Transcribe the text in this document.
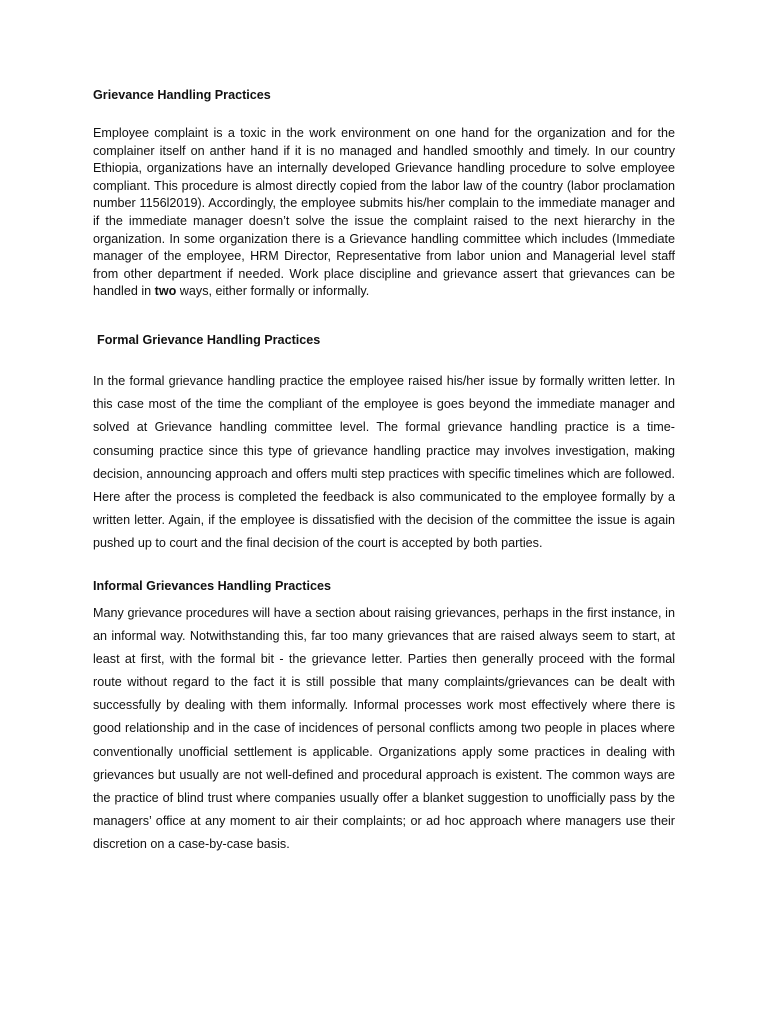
Grievance Handling Practices

Employee complaint is a toxic in the work environment on one hand for the organization and for the complainer itself on anther hand if it is no managed and handled smoothly and timely. In our country Ethiopia, organizations have an internally developed Grievance handling procedure to solve employee compliant. This procedure is almost directly copied from the labor law of the country (labor proclamation number 1156l2019). Accordingly, the employee submits his/her complain to the immediate manager and if the immediate manager doesn’t solve the issue the complaint raised to the next hierarchy in the organization. In some organization there is a Grievance handling committee which includes (Immediate manager of the employee, HRM Director, Representative from labor union and Managerial level staff from other department if needed. Work place discipline and grievance assert that grievances can be handled in two ways, either formally or informally.

Formal Grievance Handling Practices

In the formal grievance handling practice the employee raised his/her issue by formally written letter. In this case most of the time the compliant of the employee is goes beyond the immediate manager and solved at Grievance handling committee level. The formal grievance handling practice is a time-consuming practice since this type of grievance handling practice may involves investigation, making decision, announcing approach and offers multi step practices with specific timelines which are followed. Here after the process is completed the feedback is also communicated to the employee formally by a written letter. Again, if the employee is dissatisfied with the decision of the committee the issue is again pushed up to court and the final decision of the court is accepted by both parties.

Informal Grievances Handling Practices

Many grievance procedures will have a section about raising grievances, perhaps in the first instance, in an informal way. Notwithstanding this, far too many grievances that are raised always seem to start, at least at first, with the formal bit - the grievance letter. Parties then generally proceed with the formal route without regard to the fact it is still possible that many complaints/grievances can be dealt with successfully by dealing with them informally. Informal processes work most effectively where there is good relationship and in the case of incidences of personal conflicts among two people in places where conventionally unofficial settlement is applicable. Organizations apply some practices in dealing with grievances but usually are not well-defined and procedural approach is existent. The common ways are the practice of blind trust where companies usually offer a blanket suggestion to unofficially pass by the managers’ office at any moment to air their complaints; or ad hoc approach where managers use their discretion on a case-by-case basis.
